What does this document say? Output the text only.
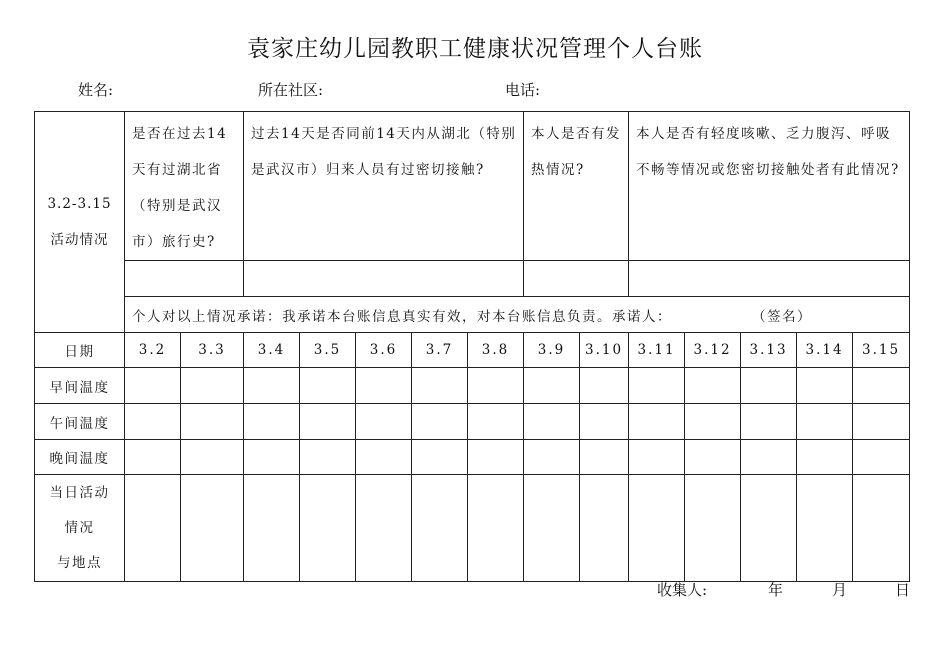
袁家庄幼儿园教职工健康状况管理个人台账
姓名:	所在社区:	电话:
3.2-3.15
活动情况	是否在过去14天有过湖北省（特别是武汉市）旅行史?		过去14天是否同前14天内从湖北（特别是武汉市）归来人员有过密切接触?					本人是否有发热情况?		本人是否有轻度咳嗽、乏力腹泻、呼吸不畅等情况或您密切接触处者有此情况?				

	个人对以上情况承诺：我承诺本台账信息真实有效，对本台账信息负责。承诺人： （签名）													
日期	3.2	3.3	3.4	3.5	3.6	3.7	3.8	3.9	3.10	3.11	3.12	3.13	3.14	3.15
早间温度														
午间温度														
晚间温度														

当日活动
情况
与地点														

收集人:	年	月	日
